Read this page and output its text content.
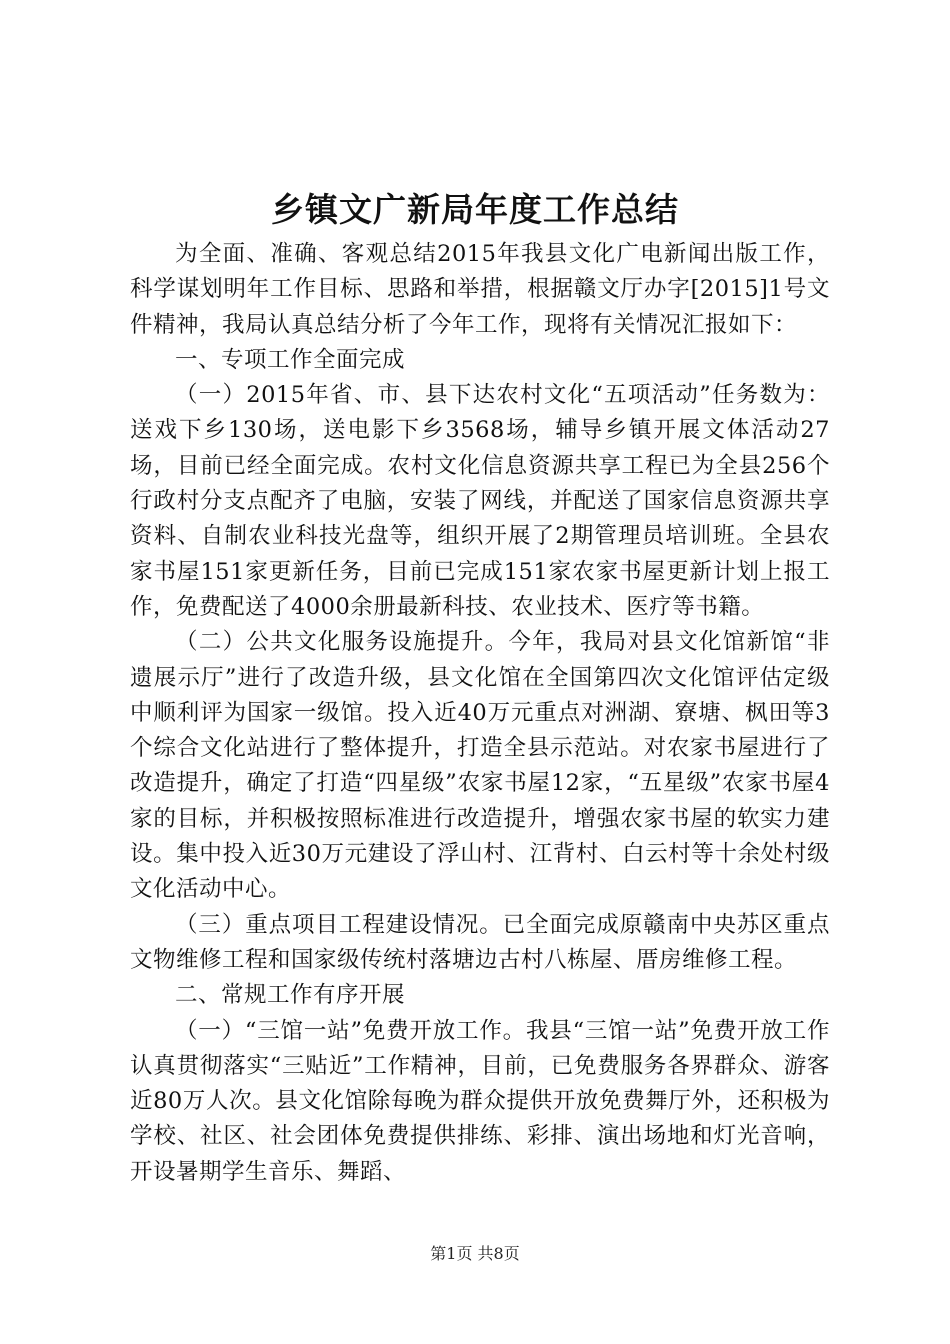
乡镇文广新局年度工作总结

为全面、准确、客观总结2015年我县文化广电新闻出版工作，科学谋划明年工作目标、思路和举措，根据赣文厅办字[2015]1号文件精神，我局认真总结分析了今年工作，现将有关情况汇报如下：

一、专项工作全面完成

（一）2015年省、市、县下达农村文化“五项活动”任务数为：送戏下乡130场，送电影下乡3568场，辅导乡镇开展文体活动27场，目前已经全面完成。农村文化信息资源共享工程已为全县256个行政村分支点配齐了电脑，安装了网线，并配送了国家信息资源共享资料、自制农业科技光盘等，组织开展了2期管理员培训班。全县农家书屋151家更新任务，目前已完成151家农家书屋更新计划上报工作，免费配送了4000余册最新科技、农业技术、医疗等书籍。

（二）公共文化服务设施提升。今年，我局对县文化馆新馆“非遗展示厅”进行了改造升级，县文化馆在全国第四次文化馆评估定级中顺利评为国家一级馆。投入近40万元重点对洲湖、寮塘、枫田等3个综合文化站进行了整体提升，打造全县示范站。对农家书屋进行了改造提升，确定了打造“四星级”农家书屋12家，“五星级”农家书屋4家的目标，并积极按照标准进行改造提升，增强农家书屋的软实力建设。集中投入近30万元建设了浮山村、江背村、白云村等十余处村级文化活动中心。

（三）重点项目工程建设情况。已全面完成原赣南中央苏区重点文物维修工程和国家级传统村落塘边古村八栋屋、厝房维修工程。

二、常规工作有序开展

（一）“三馆一站”免费开放工作。我县“三馆一站”免费开放工作认真贯彻落实“三贴近”工作精神，目前，已免费服务各界群众、游客近80万人次。县文化馆除每晚为群众提供开放免费舞厅外，还积极为学校、社区、社会团体免费提供排练、彩排、演出场地和灯光音响，开设暑期学生音乐、舞蹈、

第1页 共8页
